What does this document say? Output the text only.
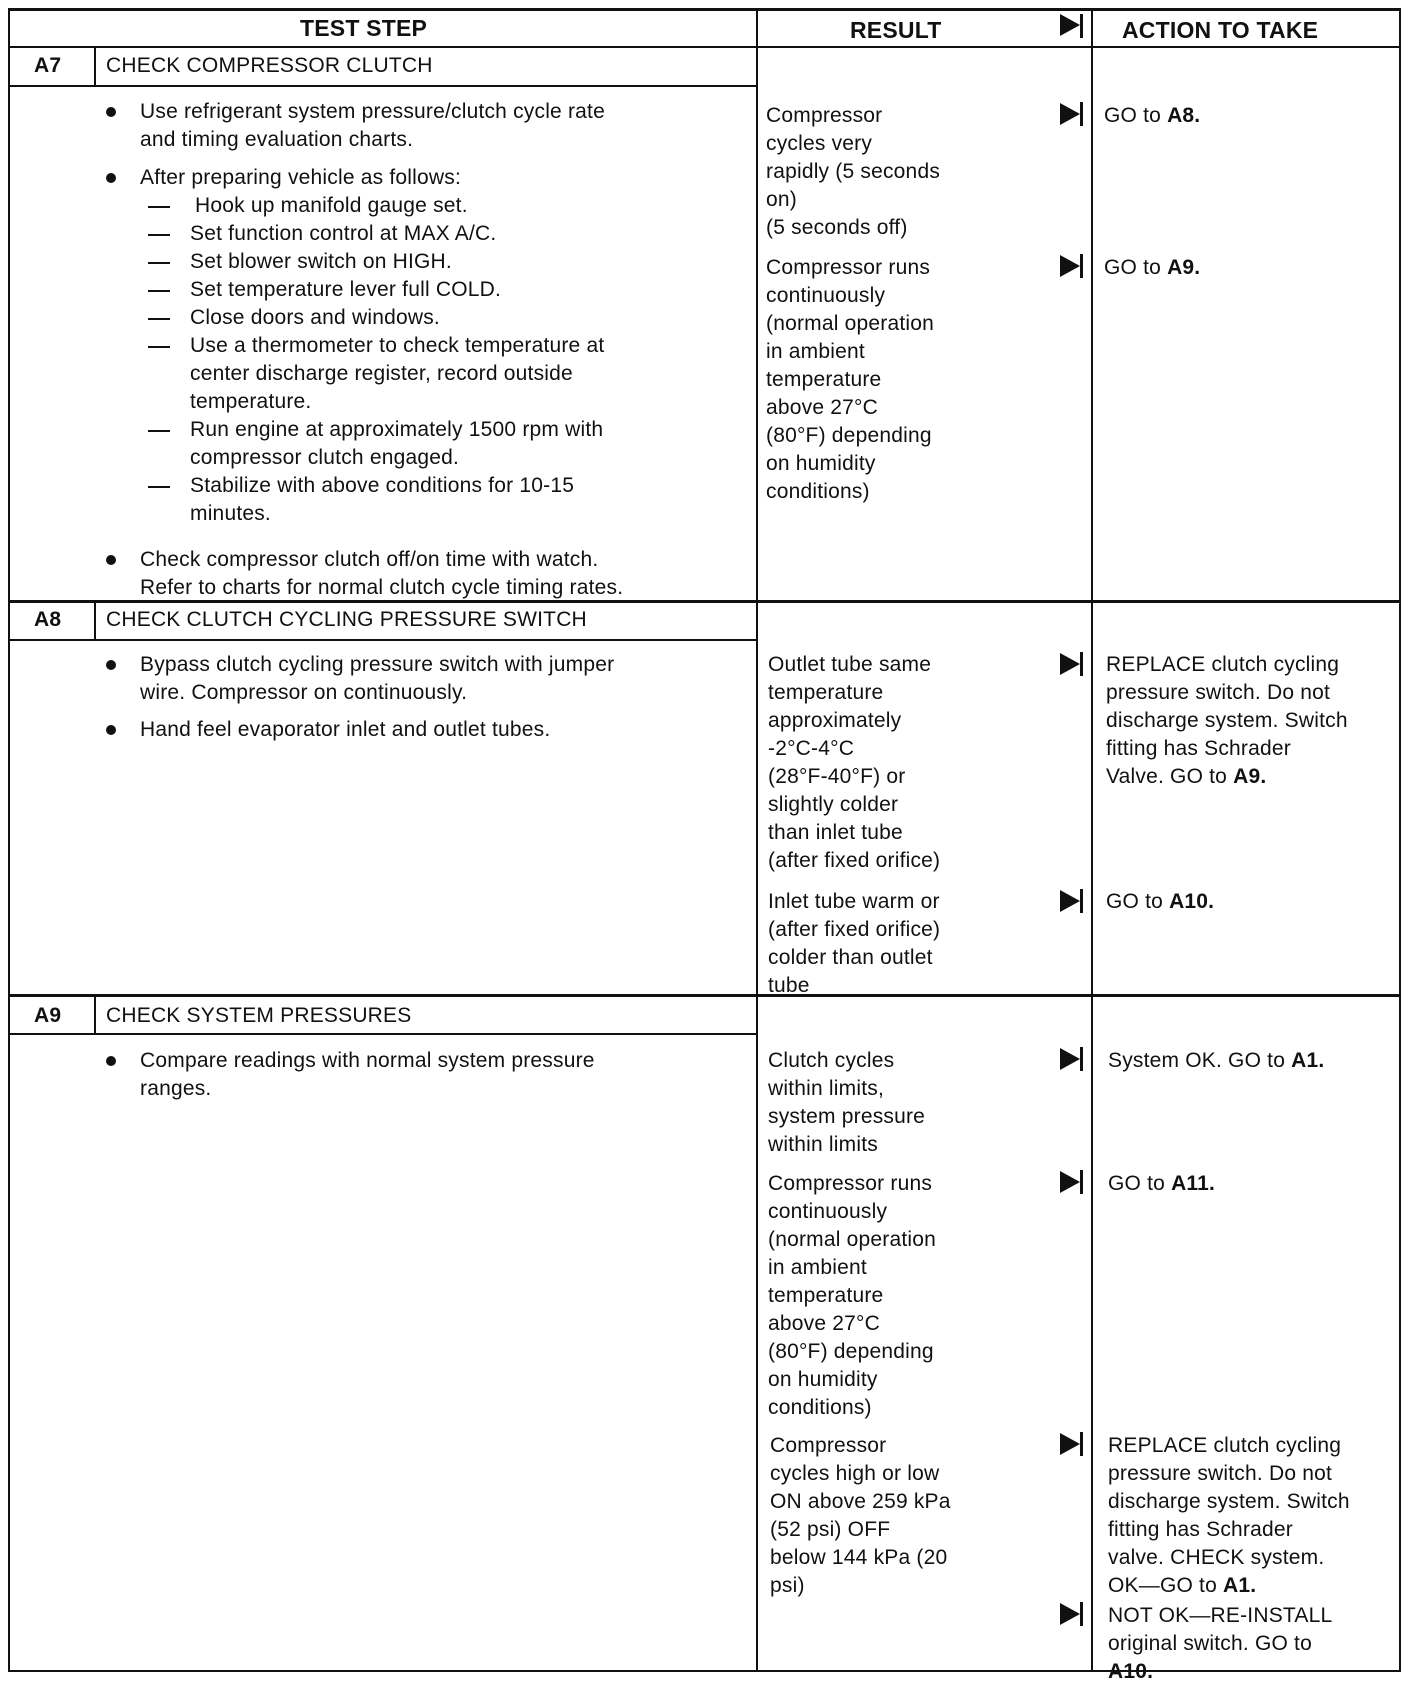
TEST STEP	RESULT	ACTION TO TAKE
A7 CHECK COMPRESSOR CLUTCH
Use refrigerant system pressure/clutch cycle rate
and timing evaluation charts.
After preparing vehicle as follows:
Hook up manifold gauge set.
Set function control at MAX A/C.
Set blower switch on HIGH.
Set temperature lever full COLD.
Close doors and windows.
Use a thermometer to check temperature at
center discharge register, record outside
temperature.
Run engine at approximately 1500 rpm with
compressor clutch engaged.
Stabilize with above conditions for 10-15
minutes.
Check compressor clutch off/on time with watch.
Refer to charts for normal clutch cycle timing rates.
Compressor
cycles very
rapidly (5 seconds
on)
(5 seconds off)
GO to A8.
Compressor runs
continuously
(normal operation
in ambient
temperature
above 27°C
(80°F) depending
on humidity
conditions)
GO to A9.
A8 CHECK CLUTCH CYCLING PRESSURE SWITCH
Bypass clutch cycling pressure switch with jumper
wire. Compressor on continuously.
Hand feel evaporator inlet and outlet tubes.
Outlet tube same
temperature
approximately
-2°C-4°C
(28°F-40°F) or
slightly colder
than inlet tube
(after fixed orifice)
REPLACE clutch cycling
pressure switch. Do not
discharge system. Switch
fitting has Schrader
Valve. GO to A9.
Inlet tube warm or
(after fixed orifice)
colder than outlet
tube
GO to A10.
A9 CHECK SYSTEM PRESSURES
Compare readings with normal system pressure
ranges.
Clutch cycles
within limits,
system pressure
within limits
System OK. GO to A1.
Compressor runs
continuously
(normal operation
in ambient
temperature
above 27°C
(80°F) depending
on humidity
conditions)
GO to A11.
Compressor
cycles high or low
ON above 259 kPa
(52 psi) OFF
below 144 kPa (20
psi)
REPLACE clutch cycling
pressure switch. Do not
discharge system. Switch
fitting has Schrader
valve. CHECK system.
OK—GO to A1.
NOT OK—RE-INSTALL
original switch. GO to
A10.
